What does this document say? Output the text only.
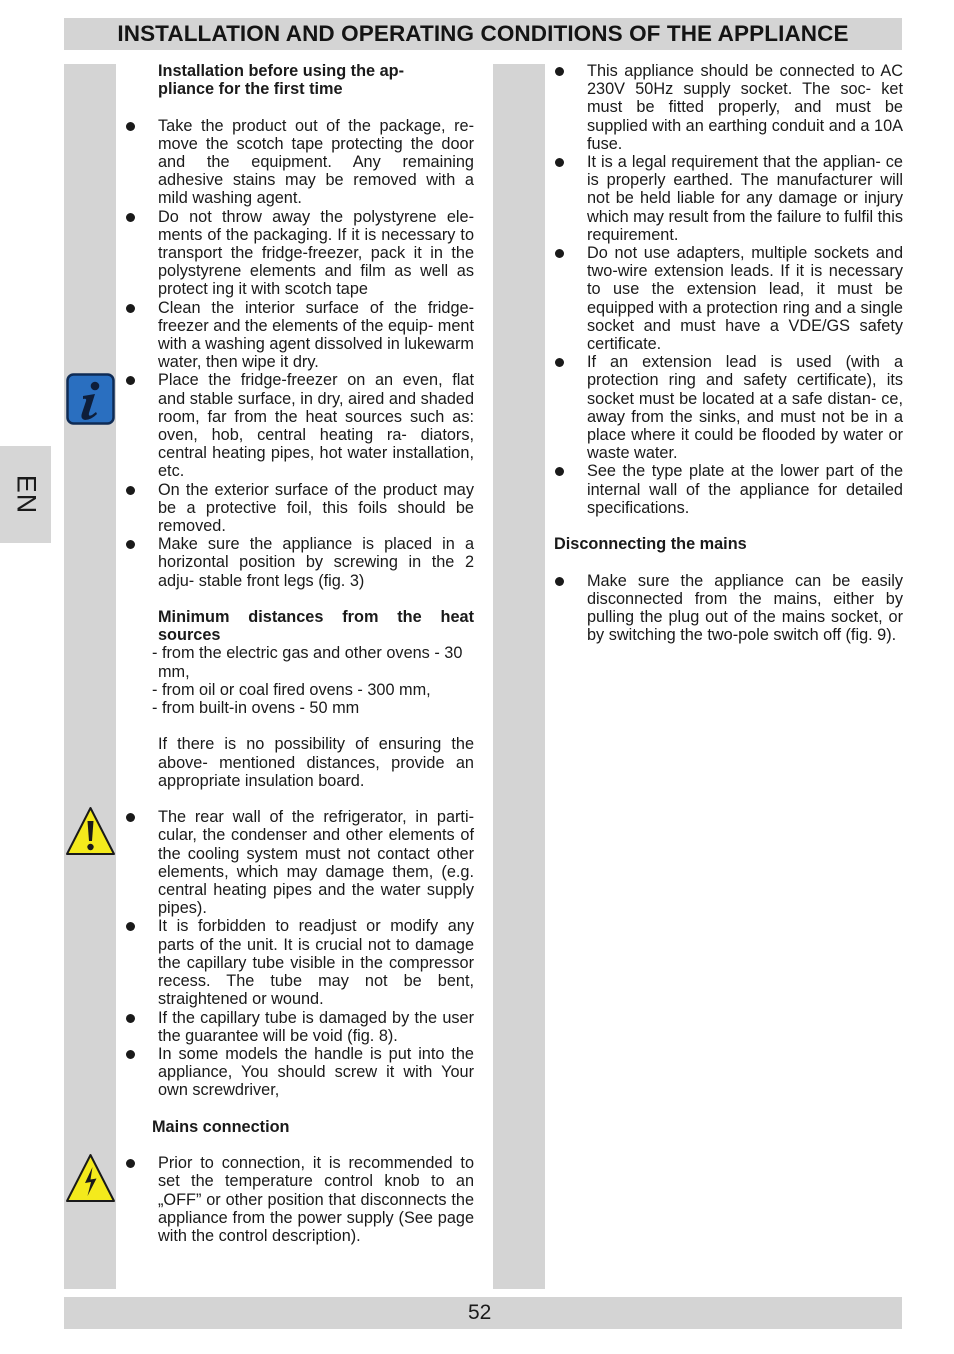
INSTALLATION AND OPERATING CONDITIONS OF THE APPLIANCE
EN
Installation before using the ap- pliance for the first time
Take the product out of the package, re- move the scotch tape protecting the door and the equipment. Any remaining adhesive stains may be removed with a mild washing agent.
Do not throw away the polystyrene ele- ments of the packaging. If it is necessary to transport the fridge-freezer, pack it in the polystyrene elements and film as well as protect ing it with scotch tape
Clean the interior surface of the fridge- freezer and the elements of the equip- ment with a washing agent dissolved in lukewarm water, then wipe it dry.
Place the fridge-freezer on an even, flat and stable surface, in dry, aired and shaded room, far from the heat sources such as: oven, hob, central heating ra- diators, central heating pipes, hot water installation, etc.
On the exterior surface of the product may be a protective foil, this foils should be removed.
Make sure the appliance is placed in a horizontal position by screwing in the 2 adju- stable front legs (fig. 3)
Minimum distances from the heat sources
- from the electric gas and other ovens - 30 mm,
- from oil or coal fired ovens - 300 mm,
- from built-in ovens - 50 mm
If there is no possibility of ensuring the above- mentioned distances, provide an appropriate insulation board.
The rear wall of the refrigerator, in parti- cular, the condenser and other elements of the cooling system must not contact other elements, which may damage them, (e.g. central heating pipes and the water supply pipes).
It is forbidden to readjust or modify any parts of the unit. It is crucial not to damage the capillary tube visible in the compressor recess. The tube may not be bent, straightened or wound.
If the capillary tube is damaged by the user the guarantee will be void (fig. 8).
In some models the handle is put into the appliance, You should screw it with Your own screwdriver,
Mains connection
Prior to connection, it is recommended to set the temperature control knob to an „OFF” or other position that disconnects the appliance from the power supply (See page with the control description).
This appliance should be connected to AC 230V 50Hz supply socket. The soc- ket must be fitted properly, and must be supplied with an earthing conduit and a 10A fuse.
It is a legal requirement that the applian- ce is properly earthed. The manufacturer will not be held liable for any damage or injury which may result from the failure to fulfil this requirement.
Do not use adapters, multiple sockets and two-wire extension leads. If it is necessary to use the extension lead, it must be equipped with a protection ring and a single socket and must have a VDE/GS safety certificate.
If an extension lead is used (with a protection ring and safety certificate), its socket must be located at a safe distan- ce, away from the sinks, and must not be in a place where it could be flooded by water or waste water.
See the type plate at the lower part of the internal wall of the appliance for detailed specifications.
Disconnecting the mains
Make sure the appliance can be easily disconnected from the mains, either by pulling the plug out of the mains socket, or by switching the two-pole switch off (fig. 9).
52
